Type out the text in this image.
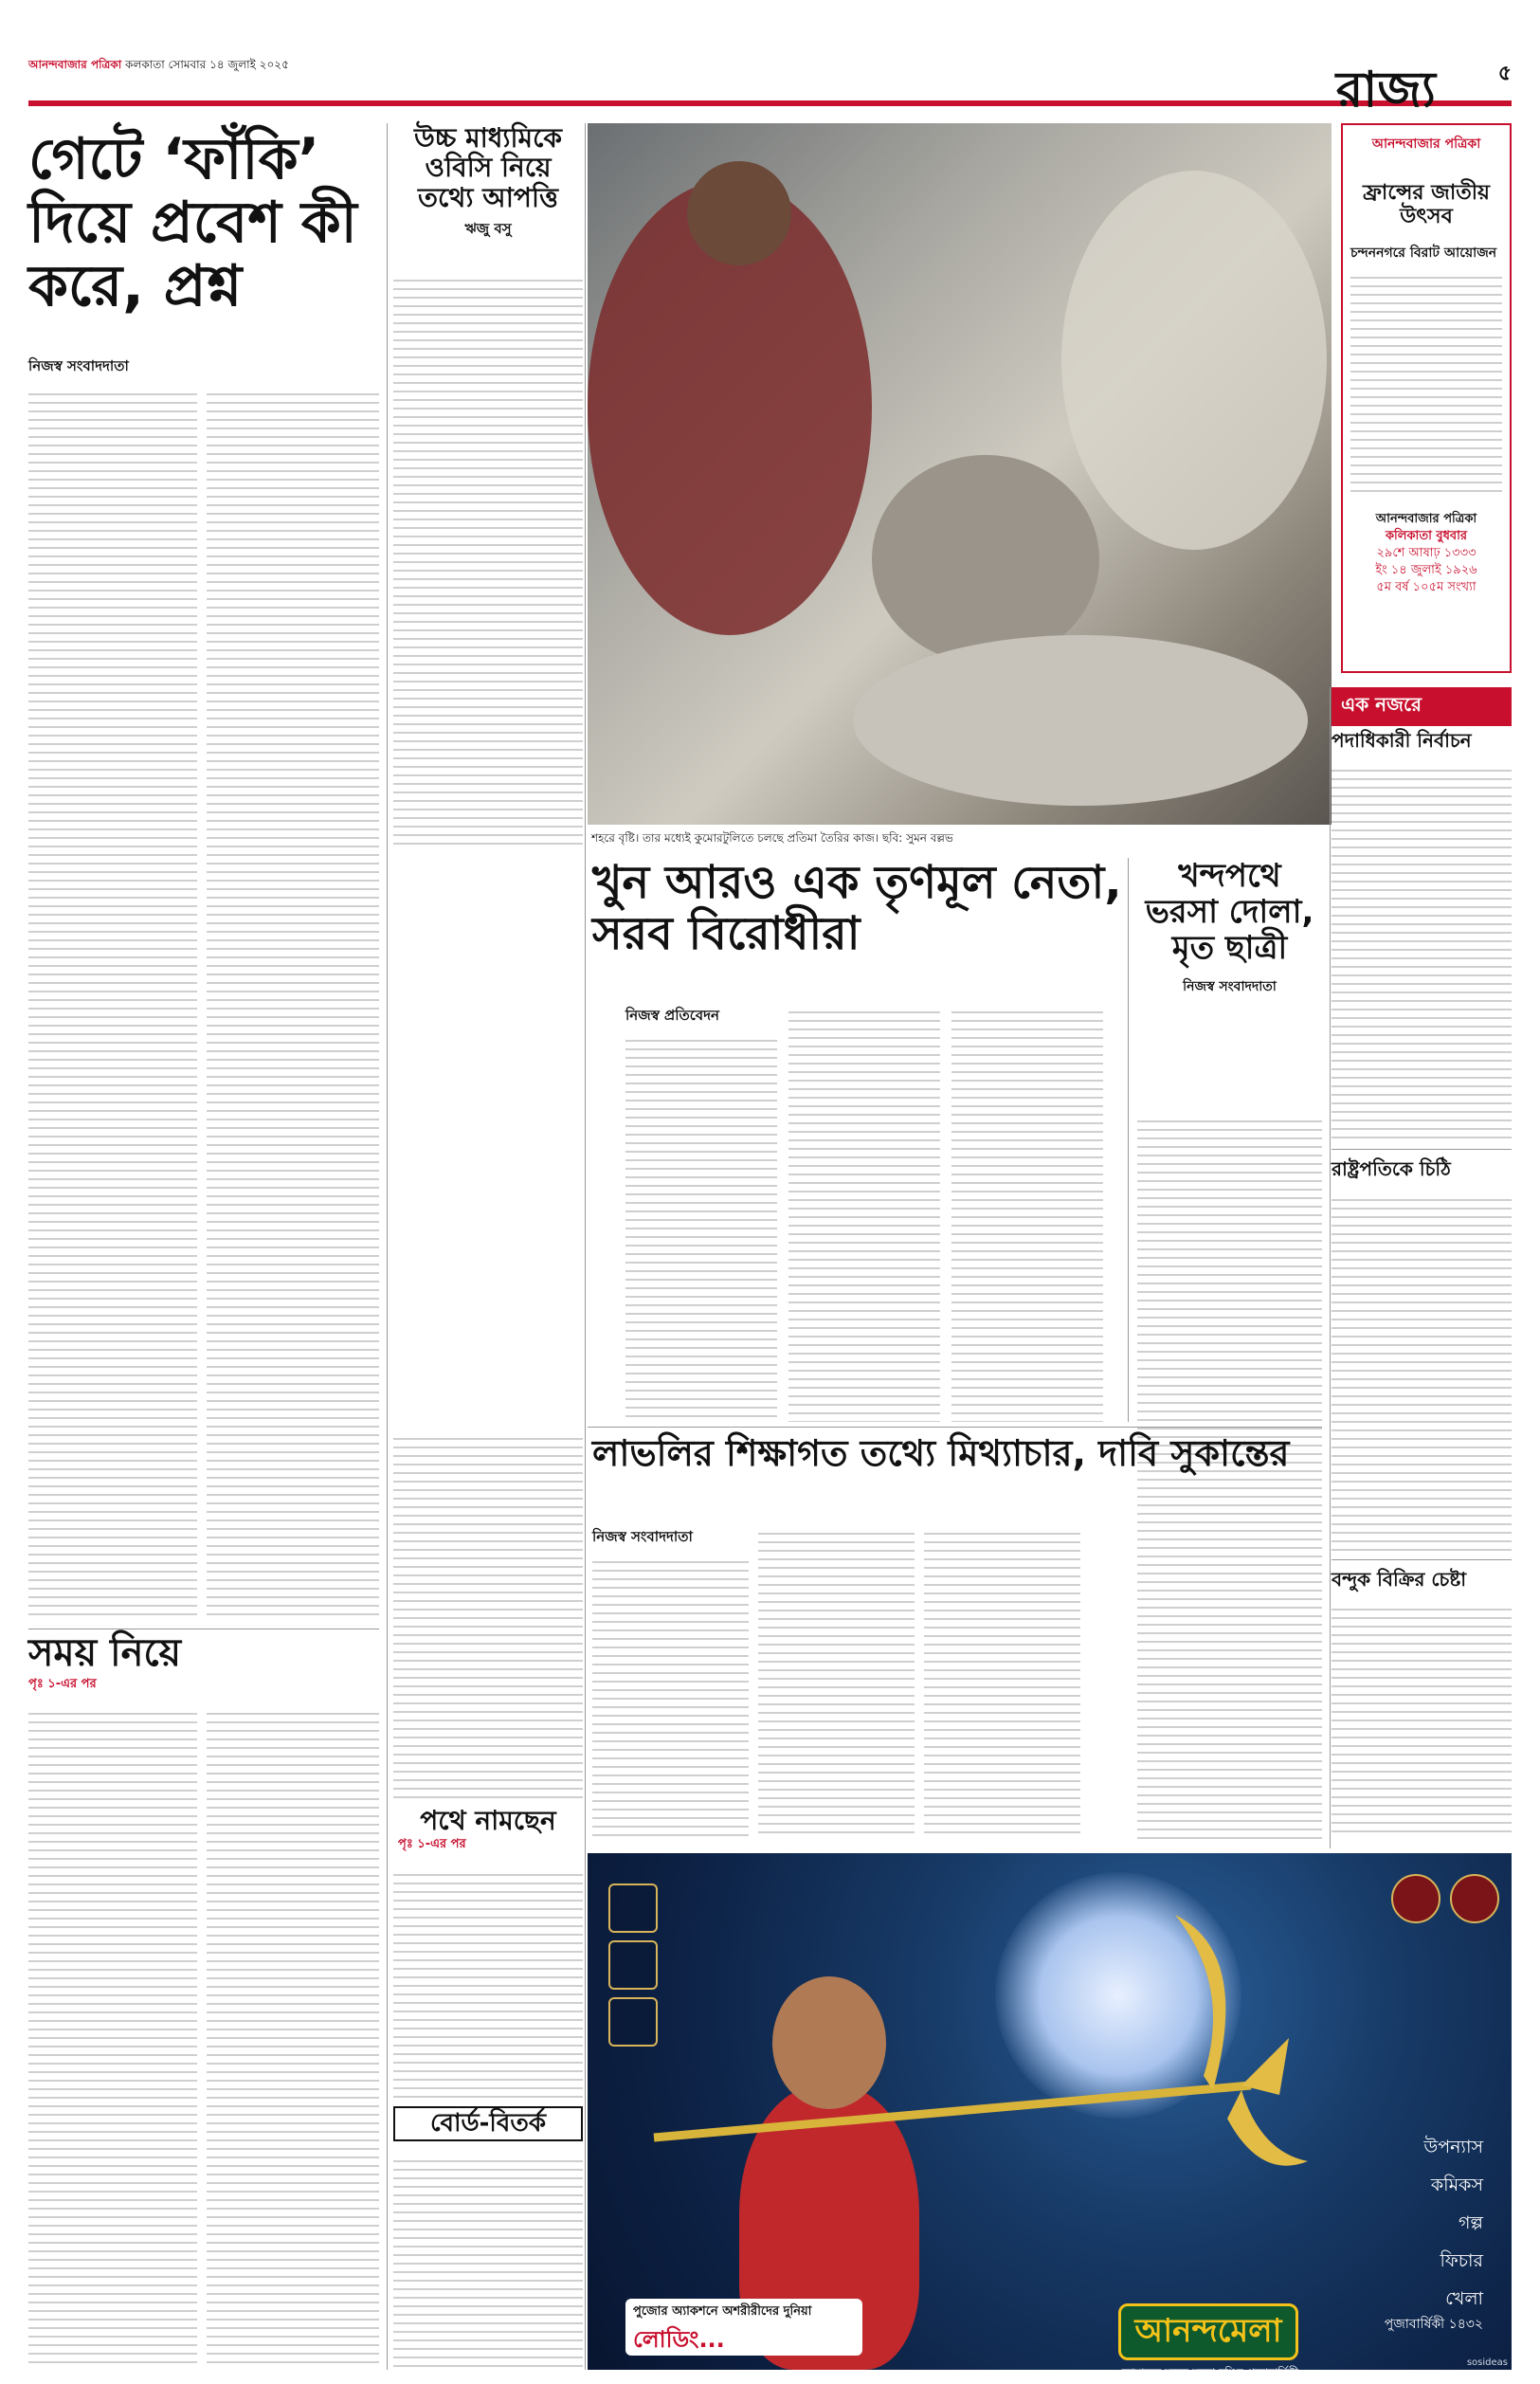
আনন্দবাজার পত্রিকা কলকাতা সোমবার ১৪ জুলাই ২০২৫	রাজ্য	৫
গেটে ‘ফাঁকি’ দিয়ে প্রবেশ কী করে, প্রশ্ন
নিজস্ব সংবাদদাতা
উচ্চ মাধ্যমিকে ওবিসি নিয়ে তথ্যে আপত্তি
ঋজু বসু
শহরে বৃষ্টি। তার মধ্যেই কুমোরটুলিতে চলছে প্রতিমা তৈরির কাজ। ছবি: সুমন বল্লভ
আনন্দবাজার পত্রিকা
ফ্রান্সের জাতীয় উৎসব
চন্দননগরে বিরাট আয়োজন
আনন্দবাজার পত্রিকা
কলিকাতা বুধবার
২৯শে আষাঢ় ১৩৩৩
ইং ১৪ জুলাই ১৯২৬
৫ম বর্ষ ১০৫ম সংখ্যা
এক নজরে
পদাধিকারী নির্বাচন
রাষ্ট্রপতিকে চিঠি
বন্দুক বিক্রির চেষ্টা
খুন আরও এক তৃণমূল নেতা, সরব বিরোধীরা
নিজস্ব প্রতিবেদন
খন্দপথে ভরসা দোলা, মৃত ছাত্রী
নিজস্ব সংবাদদাতা
সময় নিয়ে
পৃঃ ১-এর পর
লাভলির শিক্ষাগত তথ্যে মিথ্যাচার, দাবি সুকান্তের
নিজস্ব সংবাদদাতা
পথে নামছেন
পৃঃ ১-এর পর
বোর্ড-বিতর্ক
উপন্যাস
কমিকস
গল্প
ফিচার
খেলা
পুজাবার্ষিকী ১৪৩২
আনন্দমেলা
তোমাদের মনের মতো রঙিন পুজাবার্ষিকী
পুজোর অ্যাকশনে অশরীরীদের দুনিয়া
লোডিং...
sosideas
